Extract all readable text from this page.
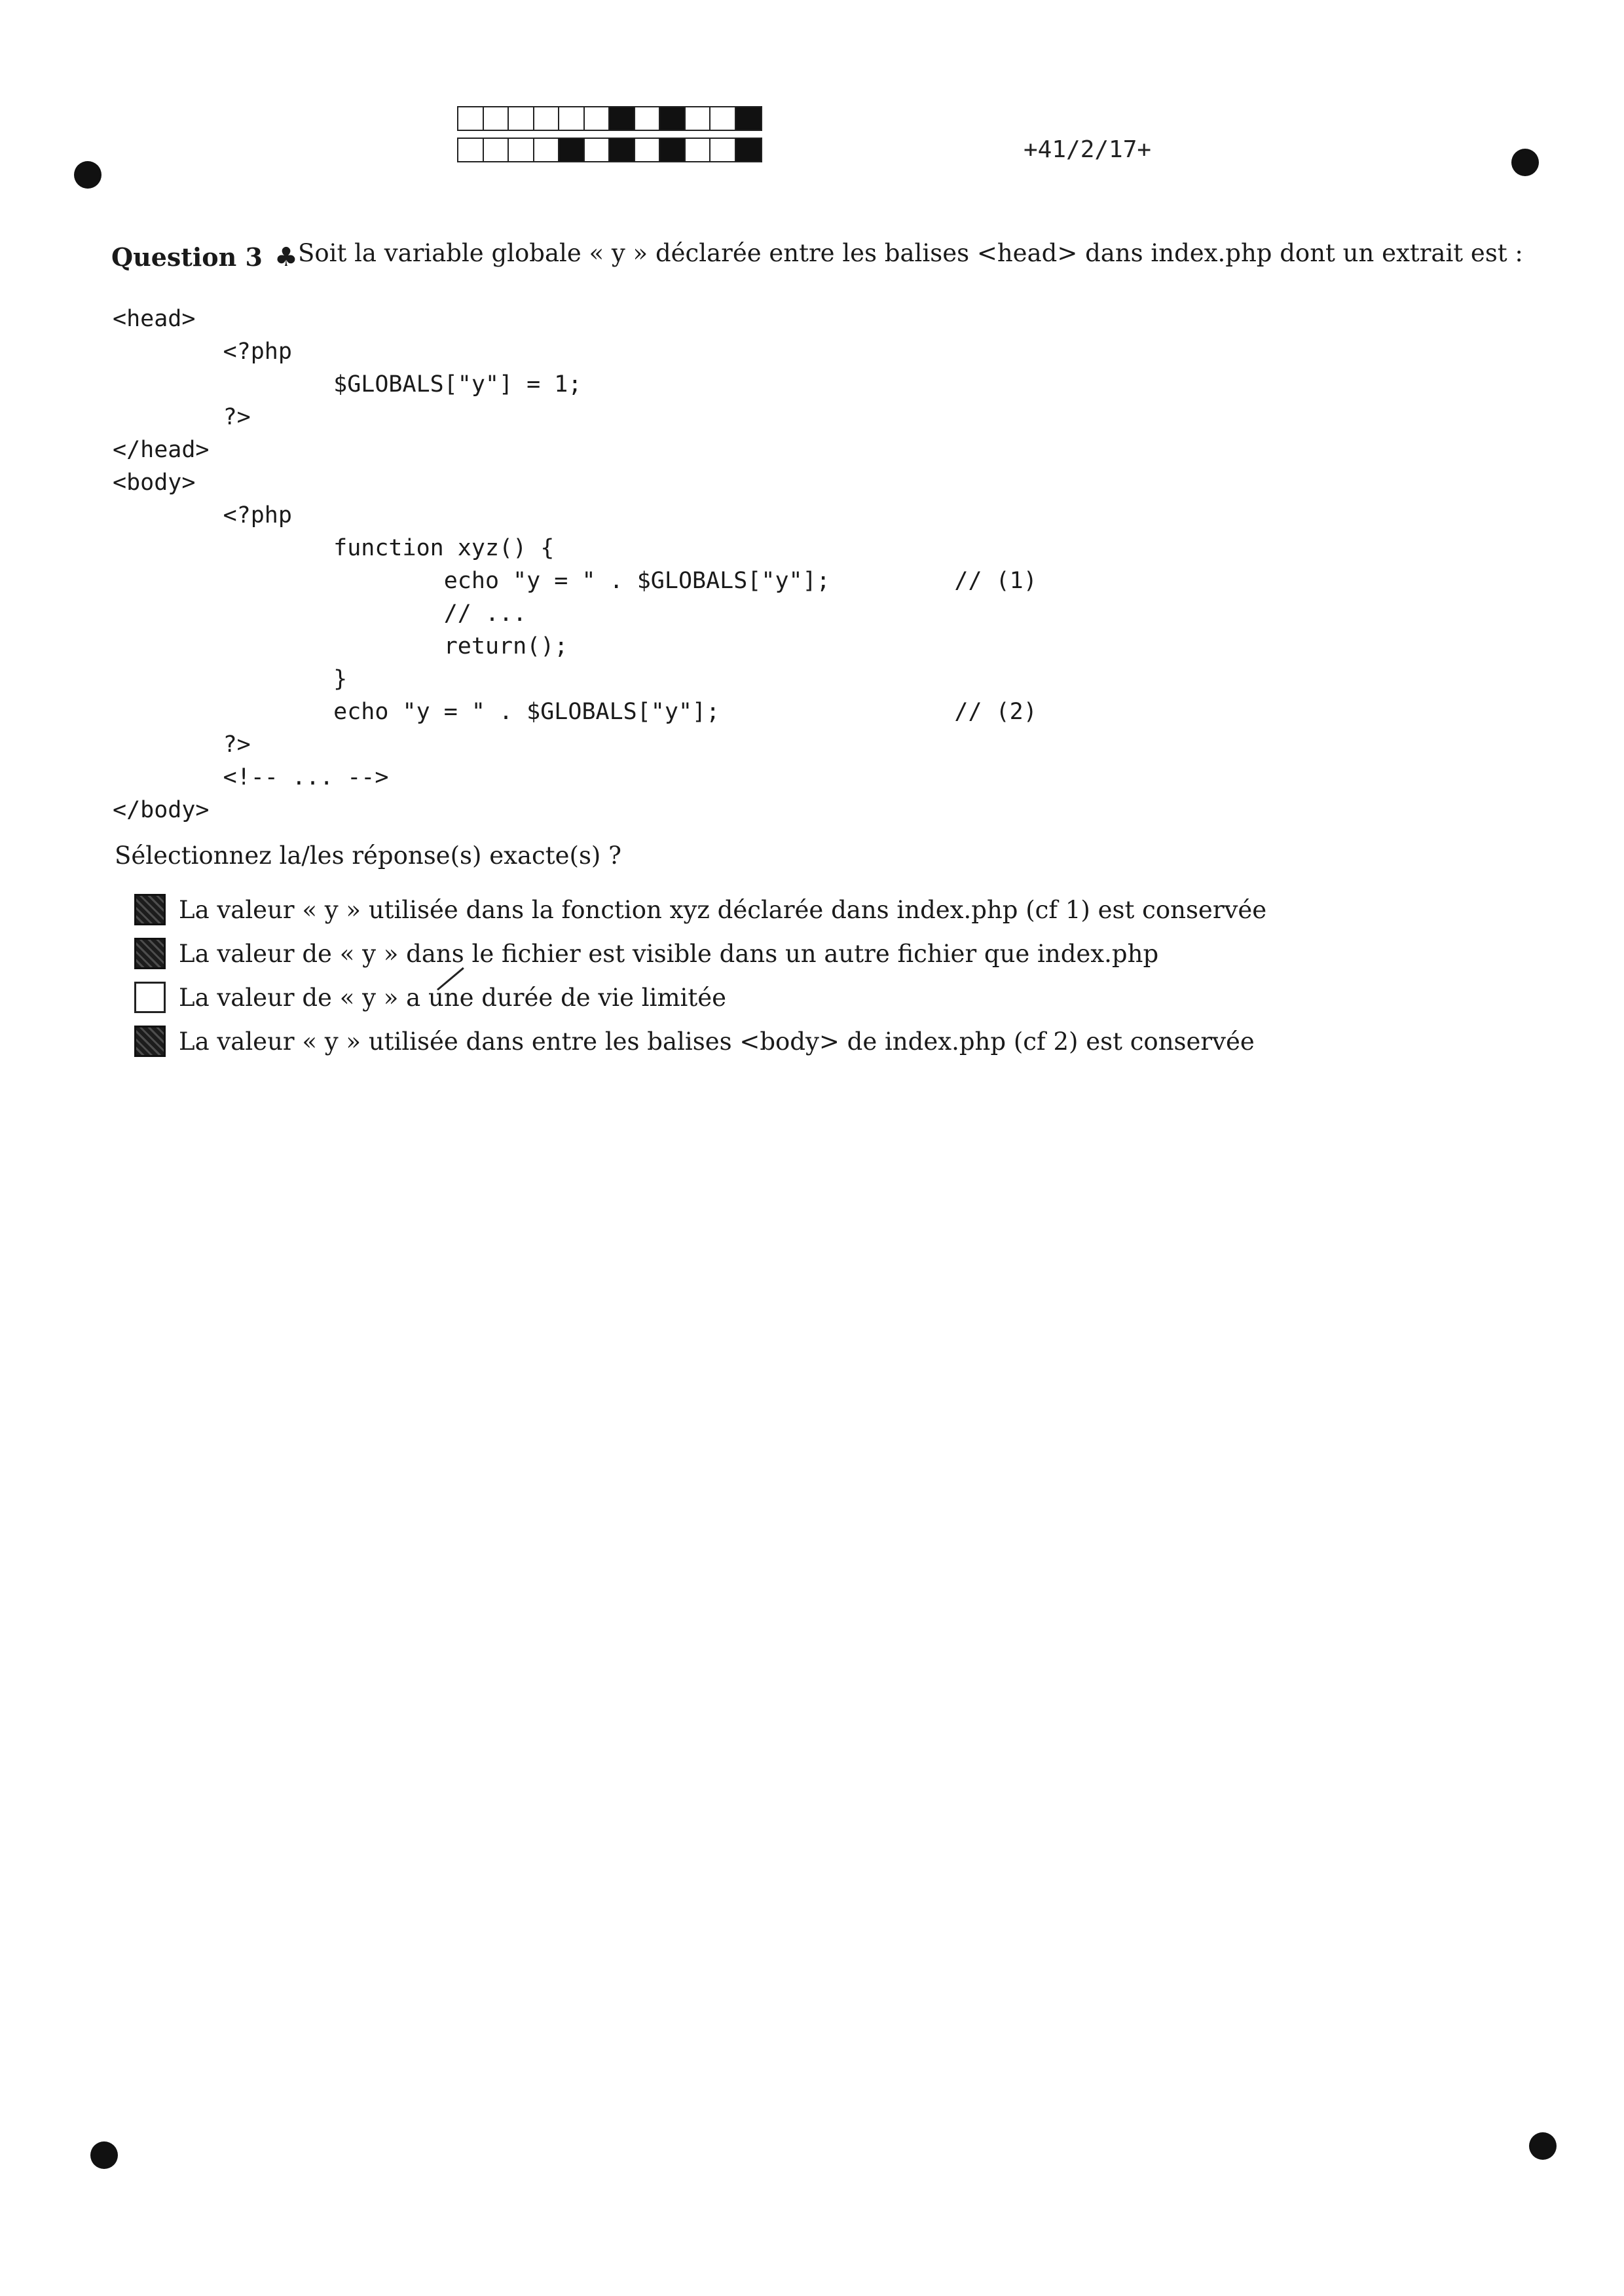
+41/2/17+
Question 3 ♣ Soit la variable globale « y » déclarée entre les balises <head> dans index.php dont un extrait est :
<head>
<?php
$GLOBALS["y"] = 1;
?>
</head>
<body>
<?php
function xyz() {
echo "y = " . $GLOBALS["y"];         // (1)
// ...
return();
}
echo "y = " . $GLOBALS["y"];                 // (2)
?>
<!-- ... -->
</body>
Sélectionnez la/les réponse(s) exacte(s) ?
La valeur « y » utilisée dans la fonction xyz déclarée dans index.php (cf 1) est conservée
La valeur de « y » dans le fichier est visible dans un autre fichier que index.php
La valeur de « y » a une
durée de vie limitée
La valeur « y » utilisée dans entre les balises <body> de index.php (cf 2) est conservée
